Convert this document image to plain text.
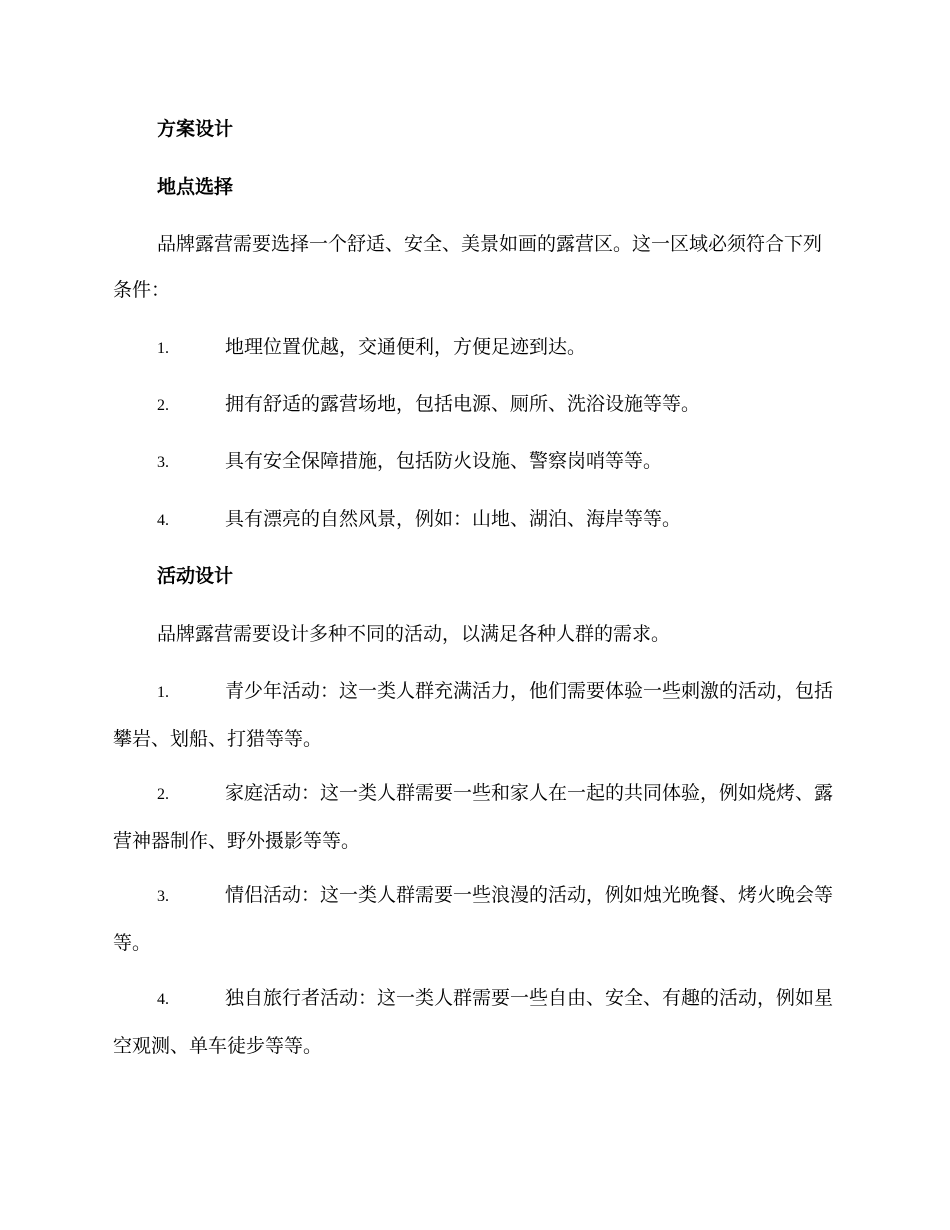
方案设计
地点选择

品牌露营需要选择一个舒适、安全、美景如画的露营区。这一区域必须符合下列条件：

1.	地理位置优越，交通便利，方便足迹到达。

2.	拥有舒适的露营场地，包括电源、厕所、洗浴设施等等。

3.	具有安全保障措施，包括防火设施、警察岗哨等等。

4.	具有漂亮的自然风景，例如：山地、湖泊、海岸等等。

活动设计

品牌露营需要设计多种不同的活动，以满足各种人群的需求。

1.	青少年活动：这一类人群充满活力，他们需要体验一些刺激的活动，包括攀岩、划船、打猎等等。

2.	家庭活动：这一类人群需要一些和家人在一起的共同体验，例如烧烤、露营神器制作、野外摄影等等。

3.	情侣活动：这一类人群需要一些浪漫的活动，例如烛光晚餐、烤火晚会等等。

4.	独自旅行者活动：这一类人群需要一些自由、安全、有趣的活动，例如星空观测、单车徒步等等。
